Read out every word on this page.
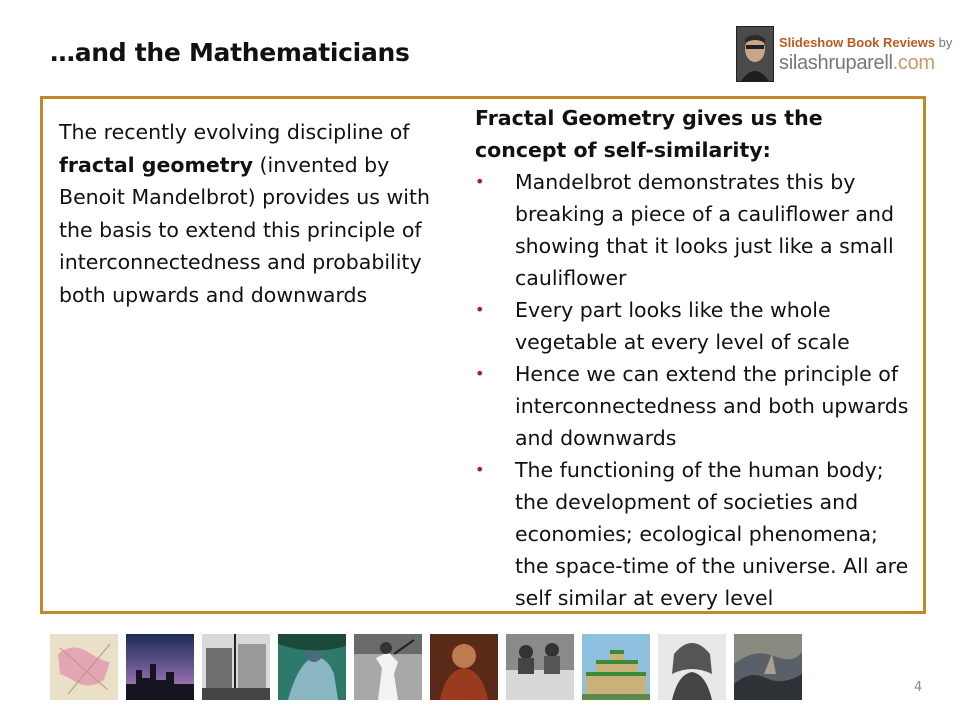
…and the Mathematicians	Slideshow Book Reviews by
silashruparell.com
The recently evolving discipline of fractal geometry (invented by Benoit Mandelbrot) provides us with the basis to extend this principle of interconnectedness and probability both upwards and downwards

Fractal Geometry gives us the concept of self-similarity:

• Mandelbrot demonstrates this by breaking a piece of a cauliflower and showing that it looks just like a small cauliflower
• Every part looks like the whole vegetable at every level of scale
• Hence we can extend the principle of interconnectedness and both upwards and downwards
• The functioning of the human body; the development of societies and economies; ecological phenomena; the space-time of the universe. All are self similar at every level
4
